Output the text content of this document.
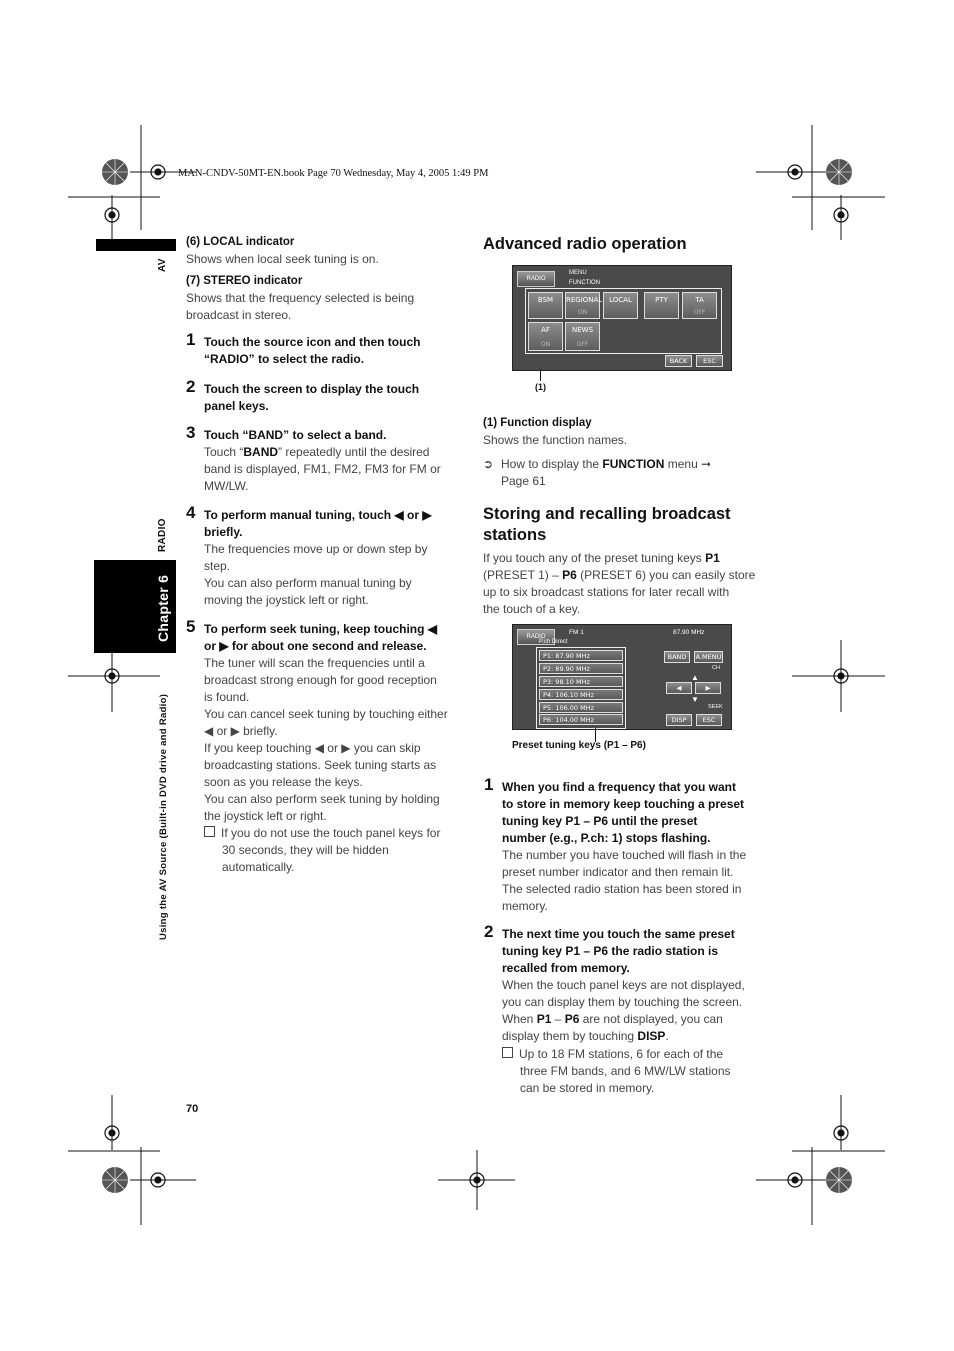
MAN-CNDV-50MT-EN.book Page 70 Wednesday, May 4, 2005 1:49 PM
AV
RADIO
Chapter 6
Using the AV Source (Built-in DVD drive and Radio)
(6) LOCAL indicator
Shows when local seek tuning is on.
(7) STEREO indicator
Shows that the frequency selected is being
broadcast in stereo.
1 Touch the source icon and then touch
“RADIO” to select the radio.
2 Touch the screen to display the touch
panel keys.
3 Touch “BAND” to select a band.
Touch “BAND” repeatedly until the desired
band is displayed, FM1, FM2, FM3 for FM or
MW/LW.
4 To perform manual tuning, touch ◀ or ▶
briefly.
The frequencies move up or down step by
step.
You can also perform manual tuning by
moving the joystick left or right.
5 To perform seek tuning, keep touching ◀
or ▶ for about one second and release.
The tuner will scan the frequencies until a
broadcast strong enough for good reception
is found.
You can cancel seek tuning by touching either
◀ or ▶ briefly.
If you keep touching ◀ or ▶ you can skip
broadcasting stations. Seek tuning starts as
soon as you release the keys.
You can also perform seek tuning by holding
the joystick left or right.
If you do not use the touch panel keys for
30 seconds, they will be hidden
automatically.
Advanced radio operation
RADIO
MENU
FUNCTION
BSM	REGIONAL
ON
LOCAL	PTY	TA
OFF
AF
ON
NEWS
OFF
BACK	ESC
(1)
(1) Function display
Shows the function names.
➲ How to display the FUNCTION menu ➞
Page 61
Storing and recalling broadcast
stations
If you touch any of the preset tuning keys P1
(PRESET 1) – P6 (PRESET 6) you can easily store
up to six broadcast stations for later recall with
the touch of a key.
RADIO
FM 1	87.90 MHz
P.ch Direct
P1: 87.90 MHz
P2: 89.90 MHz
P3: 98.10 MHz
P4: 106.10 MHz
P5: 106.00 MHz
P6: 104.00 MHz
BAND	A.MENU
CH
▲
◀	▶
▼
SEEK
DISP	ESC
Preset tuning keys (P1 – P6)
1 When you find a frequency that you want
to store in memory keep touching a preset
tuning key P1 – P6 until the preset
number (e.g., P.ch: 1) stops flashing.
The number you have touched will flash in the
preset number indicator and then remain lit.
The selected radio station has been stored in
memory.
2 The next time you touch the same preset
tuning key P1 – P6 the radio station is
recalled from memory.
When the touch panel keys are not displayed,
you can display them by touching the screen.
When P1 – P6 are not displayed, you can
display them by touching DISP.
Up to 18 FM stations, 6 for each of the
three FM bands, and 6 MW/LW stations
can be stored in memory.
70
